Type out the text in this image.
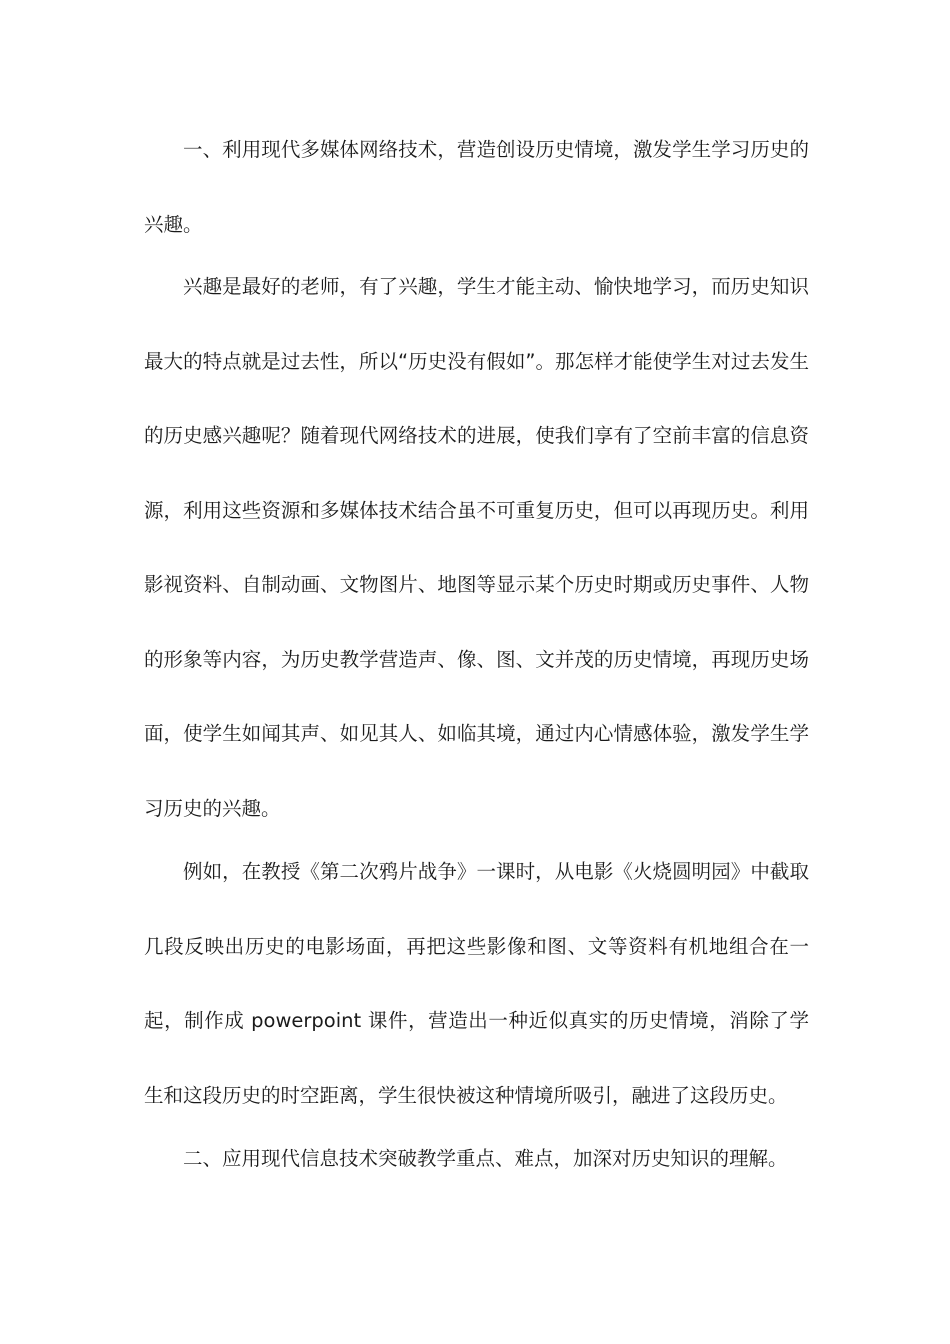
一、利用现代多媒体网络技术，营造创设历史情境，激发学生学习历史的兴趣。

兴趣是最好的老师，有了兴趣，学生才能主动、愉快地学习，而历史知识最大的特点就是过去性，所以“历史没有假如”。那怎样才能使学生对过去发生的历史感兴趣呢？随着现代网络技术的进展，使我们享有了空前丰富的信息资源，利用这些资源和多媒体技术结合虽不可重复历史，但可以再现历史。利用影视资料、自制动画、文物图片、地图等显示某个历史时期或历史事件、人物的形象等内容，为历史教学营造声、像、图、文并茂的历史情境，再现历史场面，使学生如闻其声、如见其人、如临其境，通过内心情感体验，激发学生学习历史的兴趣。

例如，在教授《第二次鸦片战争》一课时，从电影《火烧圆明园》中截取几段反映出历史的电影场面，再把这些影像和图、文等资料有机地组合在一起，制作成 powerpoint 课件，营造出一种近似真实的历史情境，消除了学生和这段历史的时空距离，学生很快被这种情境所吸引，融进了这段历史。

二、应用现代信息技术突破教学重点、难点，加深对历史知识的理解。
